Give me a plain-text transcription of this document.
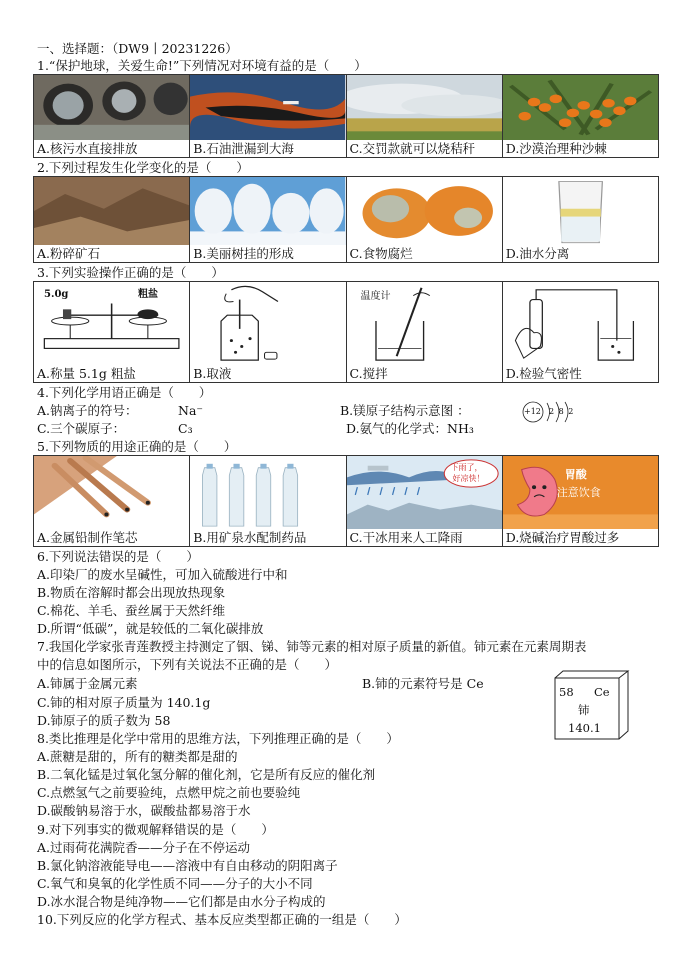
一、选择题：（DW9丨20231226）
1.“保护地球，关爱生命!”下列情况对环境有益的是（　　）
A.核污水直接排放	B.石油泄漏到大海	C.交罚款就可以烧秸秆	D.沙漠治理种沙棘
2.下列过程发生化学变化的是（　　）
A.粉碎矿石	B.美丽树挂的形成	C.食物腐烂	D.油水分离
3.下列实验操作正确的是（　　）
5.0g	粗盐
A.称量 5.1g 粗盐	B.取液
温度计
C.搅拌	D.检验气密性
4.下列化学用语正确是（　　）
A.钠离子的符号：	Na⁻	B.镁原子结构示意图 ：	+12 2 8 2
C.三个碳原子：	C₃	D.氨气的化学式：NH₃
5.下列物质的用途正确的是（　　）
A.金属铅制作笔芯	B.用矿泉水配制药品
下雨了，
好凉快！
C.干冰用来人工降雨
胃酸
注意饮食
D.烧碱治疗胃酸过多
6.下列说法错误的是（　　）
A.印染厂的废水呈碱性，可加入硫酸进行中和
B.物质在溶解时都会出现放热现象
C.棉花、羊毛、蚕丝属于天然纤维
D.所谓“低碳”，就是较低的二氧化碳排放
7.我国化学家张青莲教授主持测定了铟、锑、铈等元素的相对原子质量的新值。铈元素在元素周期表
中的信息如图所示，下列有关说法不正确的是（　　）
A.铈属于金属元素	B.铈的元素符号是 Ce
C.铈的相对原子质量为 140.1g
D.铈原子的质子数为 58
58 Ce
铈
140.1
8.类比推理是化学中常用的思维方法，下列推理正确的是（　　）
A.蔗糖是甜的，所有的糖类都是甜的
B.二氧化锰是过氧化氢分解的催化剂，它是所有反应的催化剂
C.点燃氢气之前要验纯，点燃甲烷之前也要验纯
D.碳酸钠易溶于水，碳酸盐都易溶于水
9.对下列事实的微观解释错误的是（　　）
A.过雨荷花满院香——分子在不停运动
B.氯化钠溶液能导电——溶液中有自由移动的阴阳离子
C.氧气和臭氧的化学性质不同——分子的大小不同
D.冰水混合物是纯净物——它们都是由水分子构成的
10.下列反应的化学方程式、基本反应类型都正确的一组是（　　）
